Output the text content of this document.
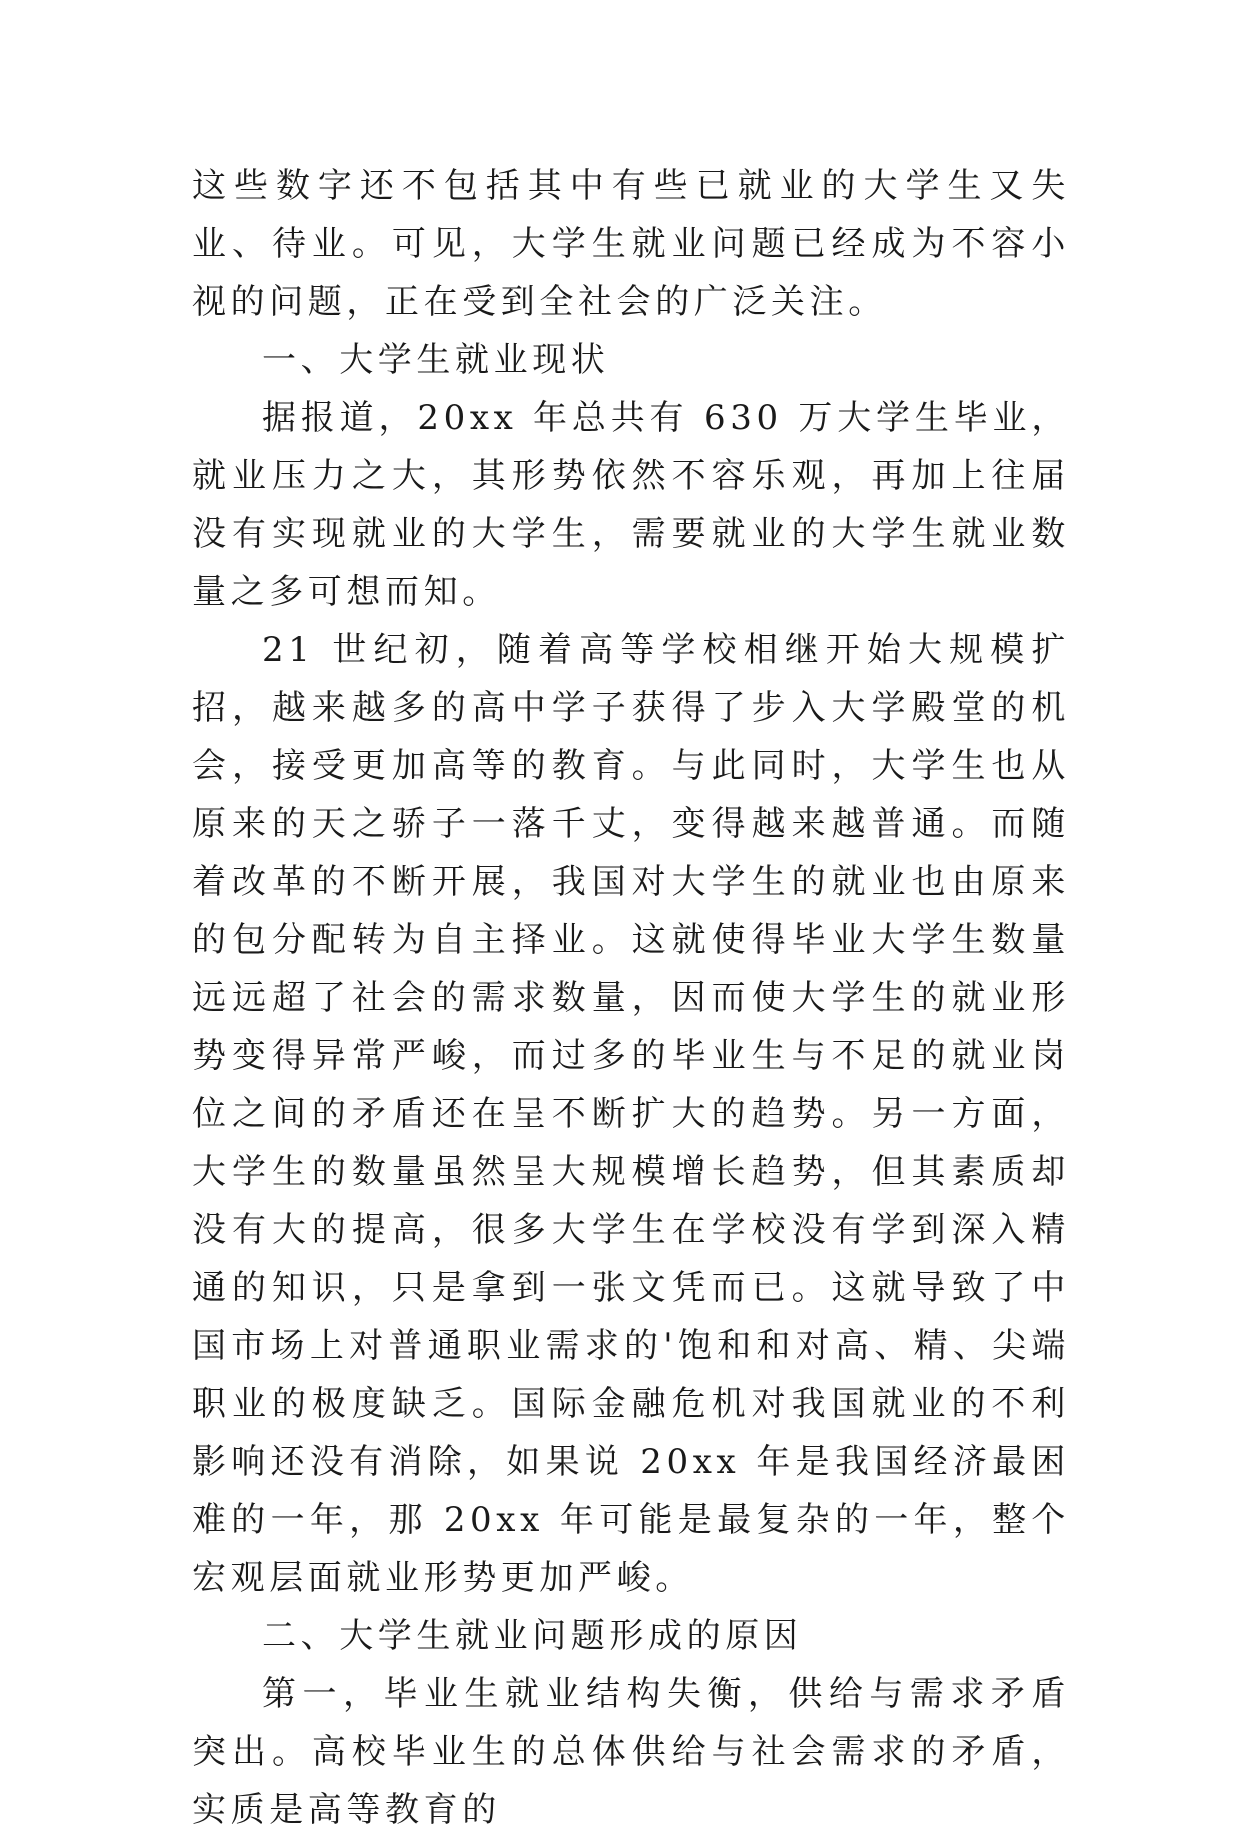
这些数字还不包括其中有些已就业的大学生又失业、待业。可见，大学生就业问题已经成为不容小视的问题，正在受到全社会的广泛关注。

一、大学生就业现状

据报道，20xx 年总共有 630 万大学生毕业，就业压力之大，其形势依然不容乐观，再加上往届没有实现就业的大学生，需要就业的大学生就业数量之多可想而知。

21 世纪初，随着高等学校相继开始大规模扩招，越来越多的高中学子获得了步入大学殿堂的机会，接受更加高等的教育。与此同时，大学生也从原来的天之骄子一落千丈，变得越来越普通。而随着改革的不断开展，我国对大学生的就业也由原来的包分配转为自主择业。这就使得毕业大学生数量远远超了社会的需求数量，因而使大学生的就业形势变得异常严峻，而过多的毕业生与不足的就业岗位之间的矛盾还在呈不断扩大的趋势。另一方面，大学生的数量虽然呈大规模增长趋势，但其素质却没有大的提高，很多大学生在学校没有学到深入精通的知识，只是拿到一张文凭而已。这就导致了中国市场上对普通职业需求的'饱和和对高、精、尖端职业的极度缺乏。国际金融危机对我国就业的不利影响还没有消除，如果说 20xx 年是我国经济最困难的一年，那 20xx 年可能是最复杂的一年，整个宏观层面就业形势更加严峻。

二、大学生就业问题形成的原因

第一，毕业生就业结构失衡，供给与需求矛盾突出。高校毕业生的总体供给与社会需求的矛盾，实质是高等教育的
